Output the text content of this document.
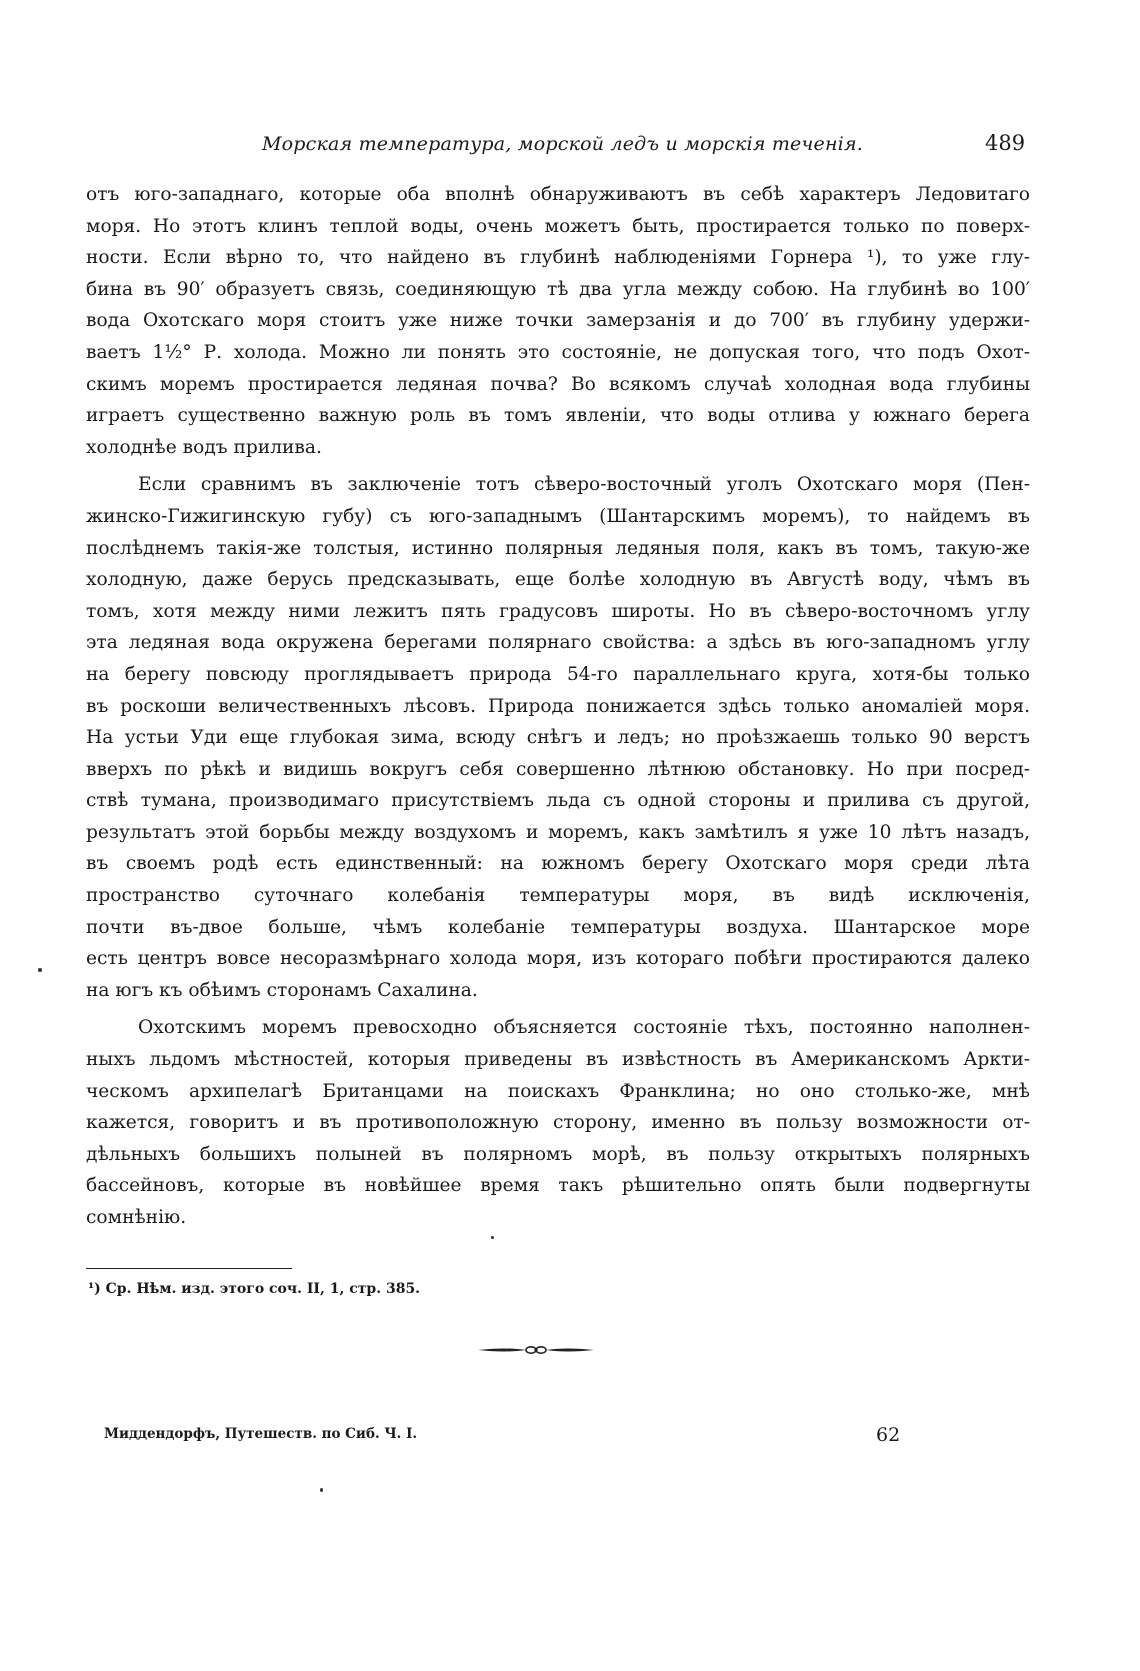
Морская температура, морской ледъ и морскія теченія.	489
отъ юго-западнаго, которые оба вполнѣ обнаруживаютъ въ себѣ характеръ Ледовитаго
моря. Но этотъ клинъ теплой воды, очень можетъ быть, простирается только по поверх-
ности. Если вѣрно то, что найдено въ глубинѣ наблюденіями Горнера ¹), то уже глу-
бина въ 90′ образуетъ связь, соединяющую тѣ два угла между собою. На глубинѣ во 100′
вода Охотскаго моря стоитъ уже ниже точки замерзанія и до 700′ въ глубину удержи-
ваетъ 1½° Р. холода. Можно ли понять это состояніе, не допуская того, что подъ Охот-
скимъ моремъ простирается ледяная почва? Во всякомъ случаѣ холодная вода глубины
играетъ существенно важную роль въ томъ явленіи, что воды отлива у южнаго берега
холоднѣе водъ прилива.
Если сравнимъ въ заключеніе тотъ сѣверо-восточный уголъ Охотскаго моря (Пен-
жинско-Гижигинскую губу) съ юго-западнымъ (Шантарскимъ моремъ), то найдемъ въ
послѣднемъ такія-же толстыя, истинно полярныя ледяныя поля, какъ въ томъ, такую-же
холодную, даже берусь предсказывать, еще болѣе холодную въ Августѣ воду, чѣмъ въ
томъ, хотя между ними лежитъ пять градусовъ широты. Но въ сѣверо-восточномъ углу
эта ледяная вода окружена берегами полярнаго свойства: а здѣсь въ юго-западномъ углу
на берегу повсюду проглядываетъ природа 54-го параллельнаго круга, хотя-бы только
въ роскоши величественныхъ лѣсовъ. Природа понижается здѣсь только аномаліей моря.
На устьи Уди еще глубокая зима, всюду снѣгъ и ледъ; но проѣзжаешь только 90 верстъ
вверхъ по рѣкѣ и видишь вокругъ себя совершенно лѣтнюю обстановку. Но при посред-
ствѣ тумана, производимаго присутствіемъ льда съ одной стороны и прилива съ другой,
результатъ этой борьбы между воздухомъ и моремъ, какъ замѣтилъ я уже 10 лѣтъ назадъ,
въ своемъ родѣ есть единственный: на южномъ берегу Охотскаго моря среди лѣта
пространство суточнаго колебанія температуры моря, въ видѣ исключенія,
почти въ-двое больше, чѣмъ колебаніе температуры воздуха. Шантарское море
есть центръ вовсе несоразмѣрнаго холода моря, изъ котораго побѣги простираются далеко
на югъ къ обѣимъ сторонамъ Сахалина.
Охотскимъ моремъ превосходно объясняется состояніе тѣхъ, постоянно наполнен-
ныхъ льдомъ мѣстностей, которыя приведены въ извѣстность въ Американскомъ Аркти-
ческомъ архипелагѣ Британцами на поискахъ Франклина; но оно столько-же, мнѣ
кажется, говоритъ и въ противоположную сторону, именно въ пользу возможности от-
дѣльныхъ большихъ полыней въ полярномъ морѣ, въ пользу открытыхъ полярныхъ
бассейновъ, которые въ новѣйшее время такъ рѣшительно опять были подвергнуты
сомнѣнію.
¹) Ср. Нѣм. изд. этого соч. II, 1, стр. 385.
Миддендорфъ, Путешеств. по Сиб. Ч. I.	62
